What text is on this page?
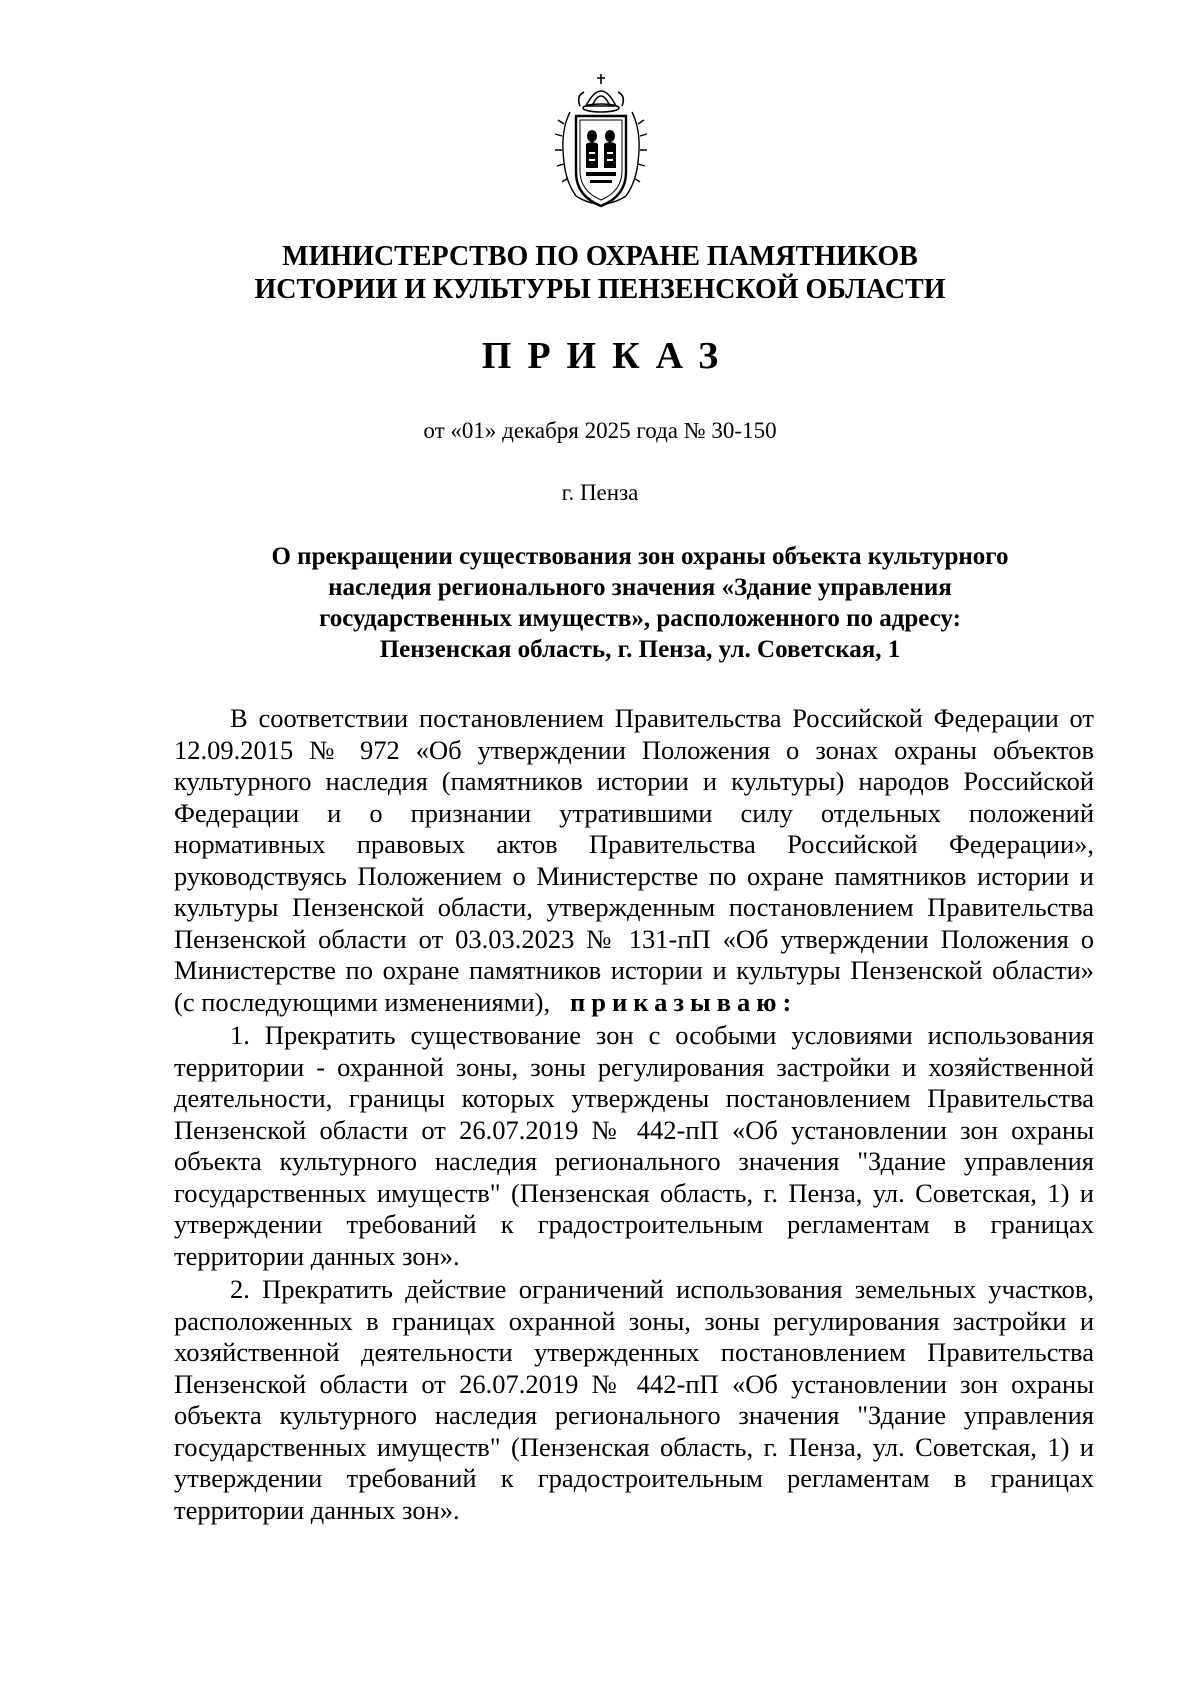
МИНИСТЕРСТВО ПО ОХРАНЕ ПАМЯТНИКОВ
ИСТОРИИ И КУЛЬТУРЫ ПЕНЗЕНСКОЙ ОБЛАСТИ
ПРИКАЗ
от «01» декабря 2025 года № 30-150
г. Пенза
О прекращении существования зон охраны объекта культурного
наследия регионального значения «Здание управления
государственных имуществ», расположенного по адресу:
Пензенская область, г. Пенза, ул. Советская, 1

В соответствии постановлением Правительства Российской Федерации от 12.09.2015 № 972 «Об утверждении Положения о зонах охраны объектов культурного наследия (памятников истории и культуры) народов Российской Федерации и о признании утратившими силу отдельных положений нормативных правовых актов Правительства Российской Федерации», руководствуясь Положением о Министерстве по охране памятников истории и культуры Пензенской области, утвержденным постановлением Правительства Пензенской области от 03.03.2023 № 131-пП «Об утверждении Положения о Министерстве по охране памятников истории и культуры Пензенской области» (с последующими изменениями), приказываю:

1. Прекратить существование зон с особыми условиями использования территории - охранной зоны, зоны регулирования застройки и хозяйственной деятельности, границы которых утверждены постановлением Правительства Пензенской области от 26.07.2019 № 442-пП «Об установлении зон охраны объекта культурного наследия регионального значения "Здание управления государственных имуществ" (Пензенская область, г. Пенза, ул. Советская, 1) и утверждении требований к градостроительным регламентам в границах территории данных зон».

2. Прекратить действие ограничений использования земельных участков, расположенных в границах охранной зоны, зоны регулирования застройки и хозяйственной деятельности утвержденных постановлением Правительства Пензенской области от 26.07.2019 № 442-пП «Об установлении зон охраны объекта культурного наследия регионального значения "Здание управления государственных имуществ" (Пензенская область, г. Пенза, ул. Советская, 1) и утверждении требований к градостроительным регламентам в границах территории данных зон».
